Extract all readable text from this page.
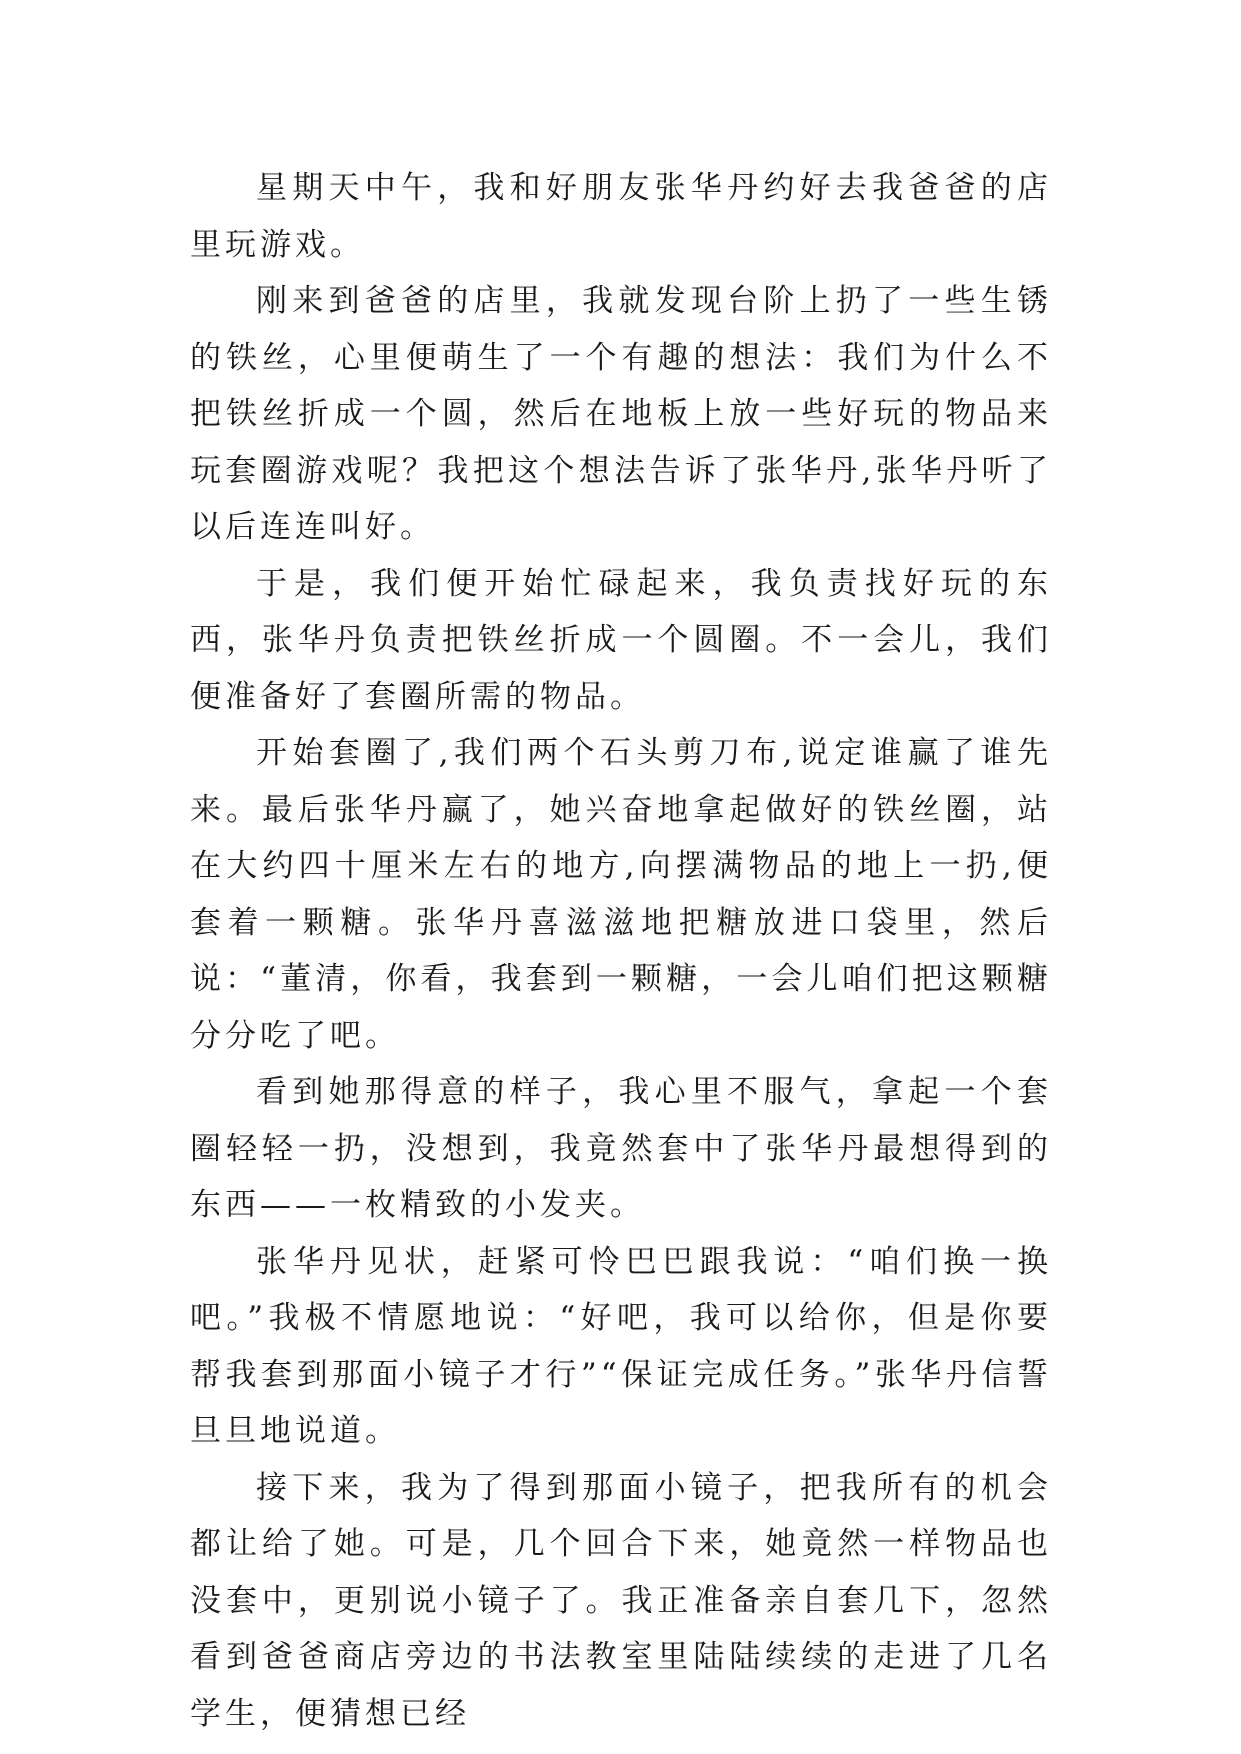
星期天中午，我和好朋友张华丹约好去我爸爸的店里玩游戏。

刚来到爸爸的店里，我就发现台阶上扔了一些生锈的铁丝，心里便萌生了一个有趣的想法：我们为什么不把铁丝折成一个圆，然后在地板上放一些好玩的物品来玩套圈游戏呢？我把这个想法告诉了张华丹,张华丹听了以后连连叫好。

于是，我们便开始忙碌起来，我负责找好玩的东西，张华丹负责把铁丝折成一个圆圈。不一会儿，我们便准备好了套圈所需的物品。

开始套圈了,我们两个石头剪刀布,说定谁赢了谁先来。最后张华丹赢了，她兴奋地拿起做好的铁丝圈，站在大约四十厘米左右的地方,向摆满物品的地上一扔,便套着一颗糖。张华丹喜滋滋地把糖放进口袋里，然后说：“董清，你看，我套到一颗糖，一会儿咱们把这颗糖分分吃了吧。

看到她那得意的样子，我心里不服气，拿起一个套圈轻轻一扔，没想到，我竟然套中了张华丹最想得到的东西——一枚精致的小发夹。

张华丹见状，赶紧可怜巴巴跟我说：“咱们换一换吧。”我极不情愿地说：“好吧，我可以给你，但是你要帮我套到那面小镜子才行”“保证完成任务。”张华丹信誓旦旦地说道。

接下来，我为了得到那面小镜子，把我所有的机会都让给了她。可是，几个回合下来，她竟然一样物品也没套中，更别说小镜子了。我正准备亲自套几下，忽然看到爸爸商店旁边的书法教室里陆陆续续的走进了几名学生，便猜想已经
